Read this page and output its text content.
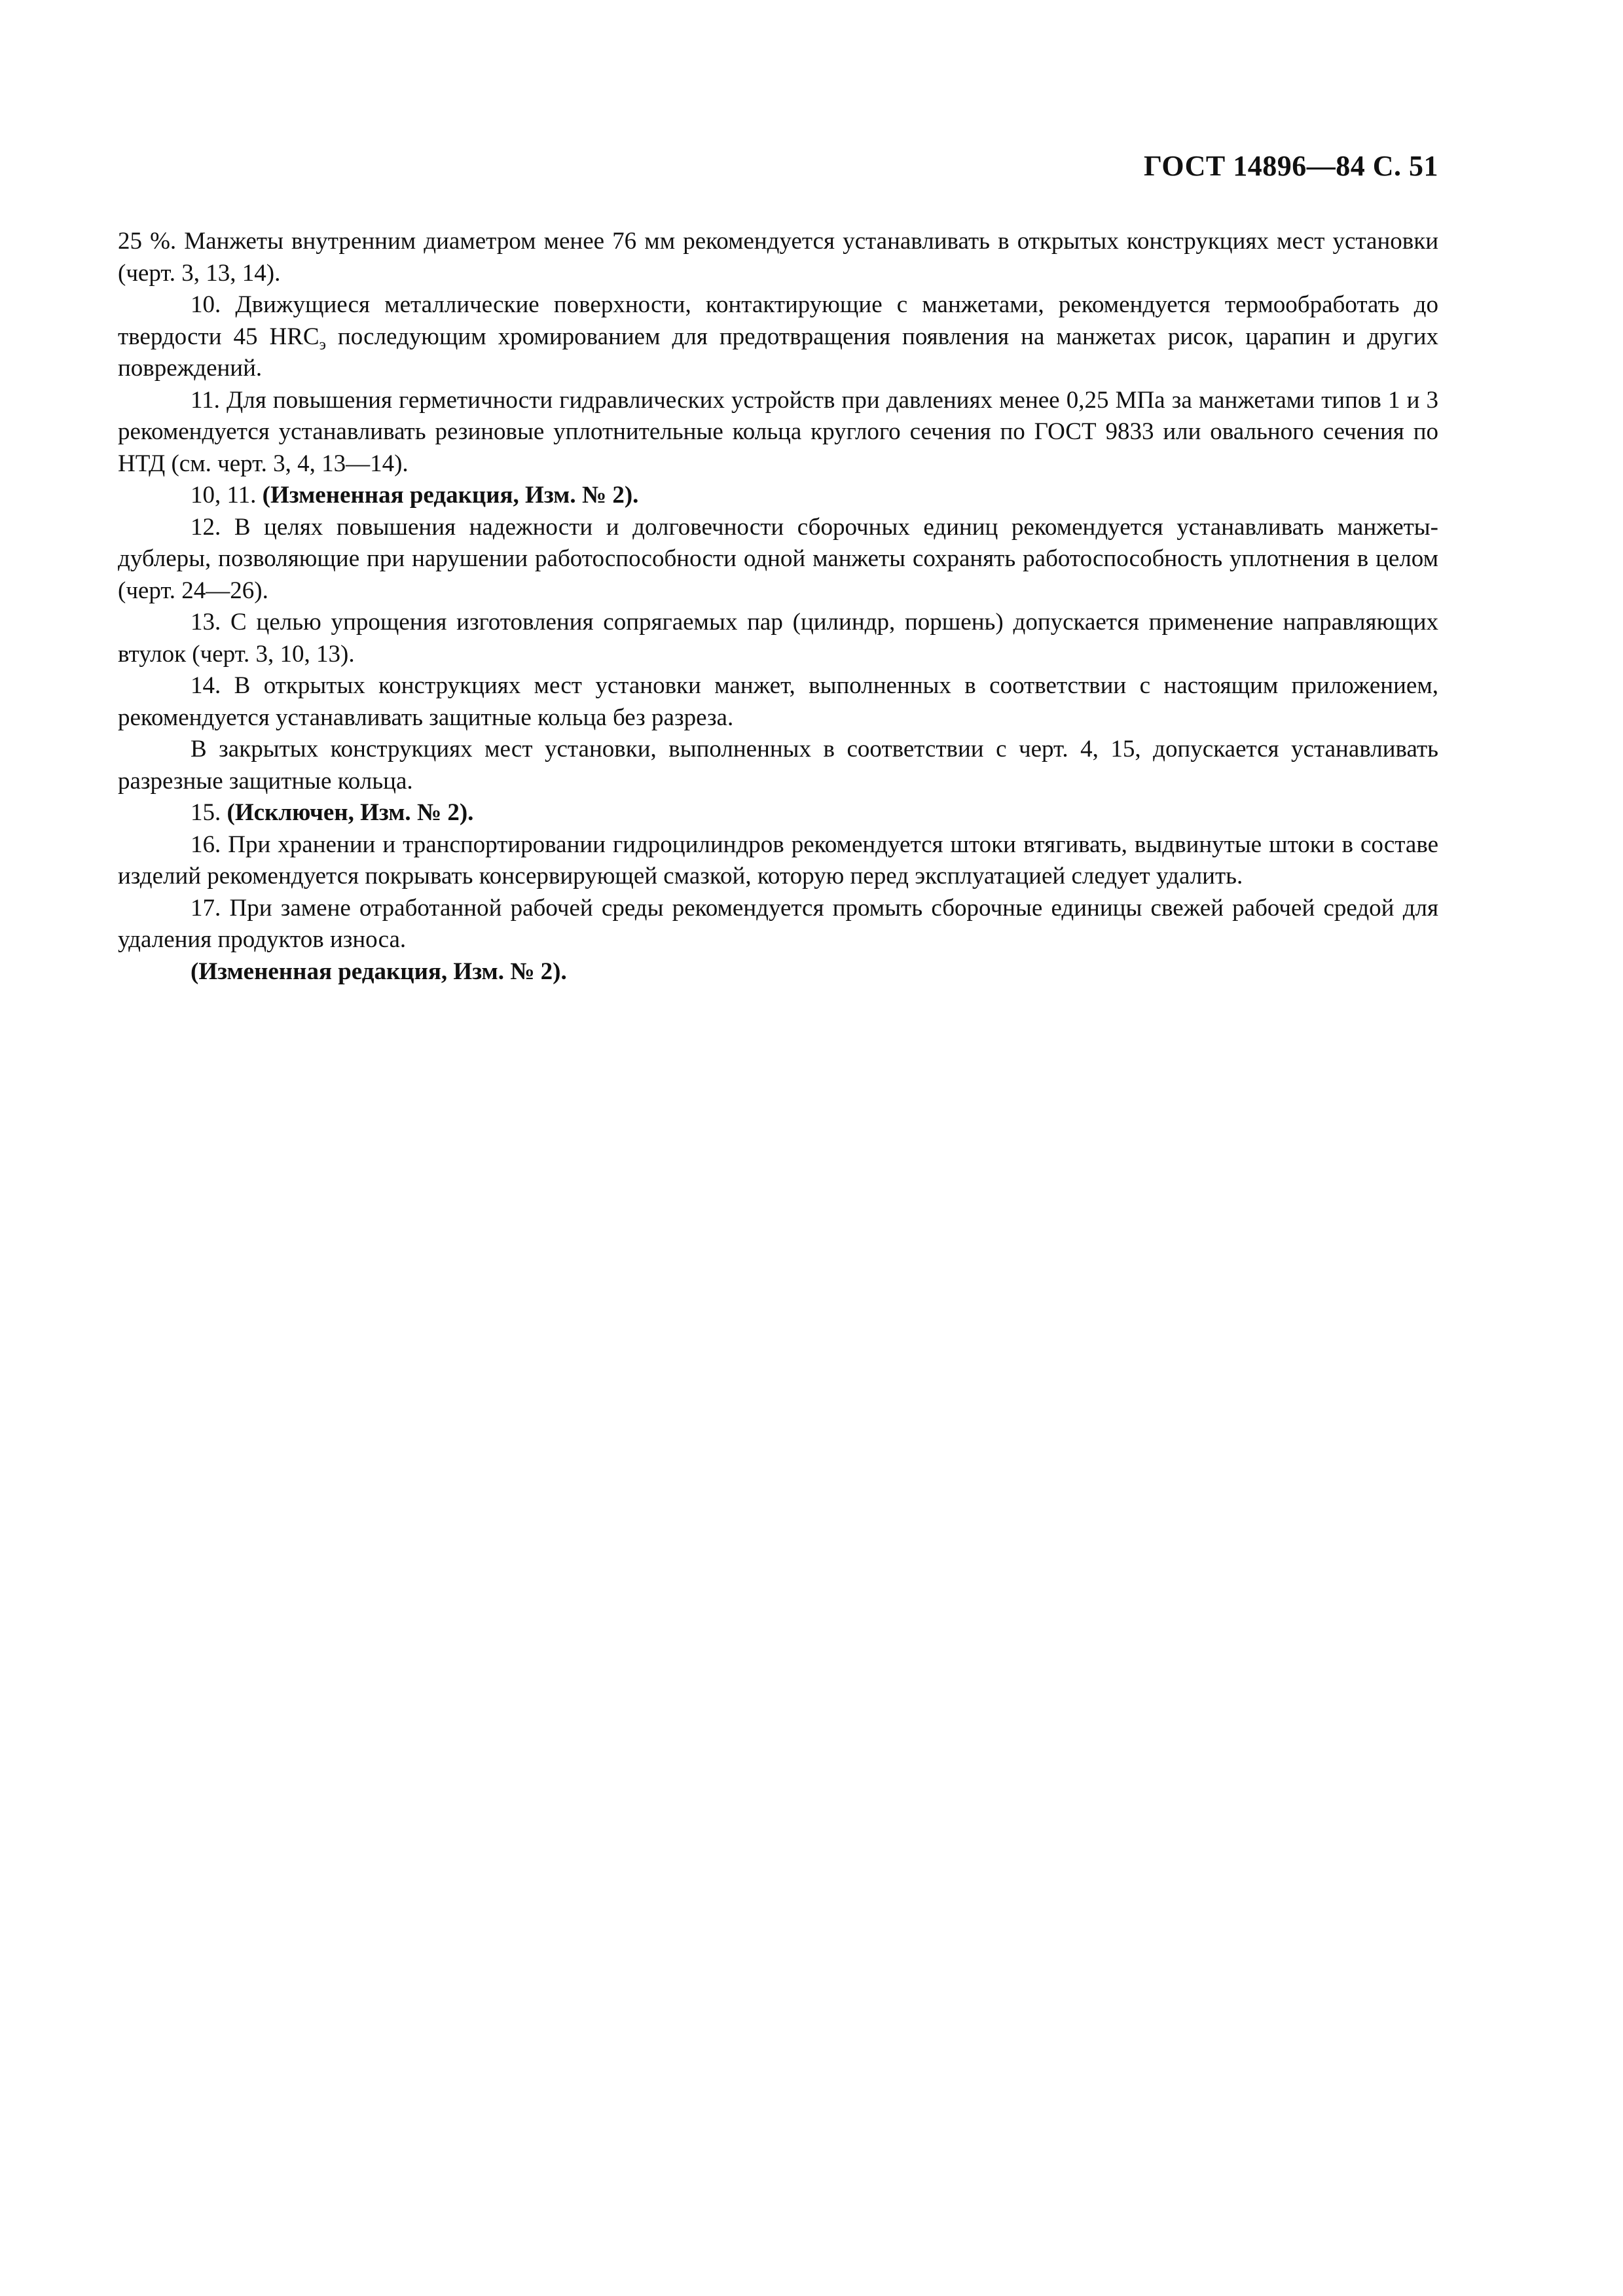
ГОСТ 14896—84 С. 51

25 %. Манжеты внутренним диаметром менее 76 мм рекомендуется устанавливать в открытых конструкциях мест установки (черт. 3, 13, 14).

10. Движущиеся металлические поверхности, контактирующие с манжетами, рекомендуется термообработать до твердости 45 $HRC_э$ последующим хромированием для предотвращения появления на манжетах рисок, царапин и других повреждений.

11. Для повышения герметичности гидравлических устройств при давлениях менее 0,25 МПа за манжетами типов 1 и 3 рекомендуется устанавливать резиновые уплотнительные кольца круглого сечения по ГОСТ 9833 или овального сечения по НТД (см. черт. 3, 4, 13—14).

10, 11. (Измененная редакция, Изм. № 2).

12. В целях повышения надежности и долговечности сборочных единиц рекомендуется устанавливать манжеты-дублеры, позволяющие при нарушении работоспособности одной манжеты сохранять работоспособность уплотнения в целом (черт. 24—26).

13. С целью упрощения изготовления сопрягаемых пар (цилиндр, поршень) допускается применение направляющих втулок (черт. 3, 10, 13).

14. В открытых конструкциях мест установки манжет, выполненных в соответствии с настоящим приложением, рекомендуется устанавливать защитные кольца без разреза.

В закрытых конструкциях мест установки, выполненных в соответствии с черт. 4, 15, допускается устанавливать разрезные защитные кольца.

15. (Исключен, Изм. № 2).

16. При хранении и транспортировании гидроцилиндров рекомендуется штоки втягивать, выдвинутые штоки в составе изделий рекомендуется покрывать консервирующей смазкой, которую перед эксплуатацией следует удалить.

17. При замене отработанной рабочей среды рекомендуется промыть сборочные единицы свежей рабочей средой для удаления продуктов износа.

(Измененная редакция, Изм. № 2).
